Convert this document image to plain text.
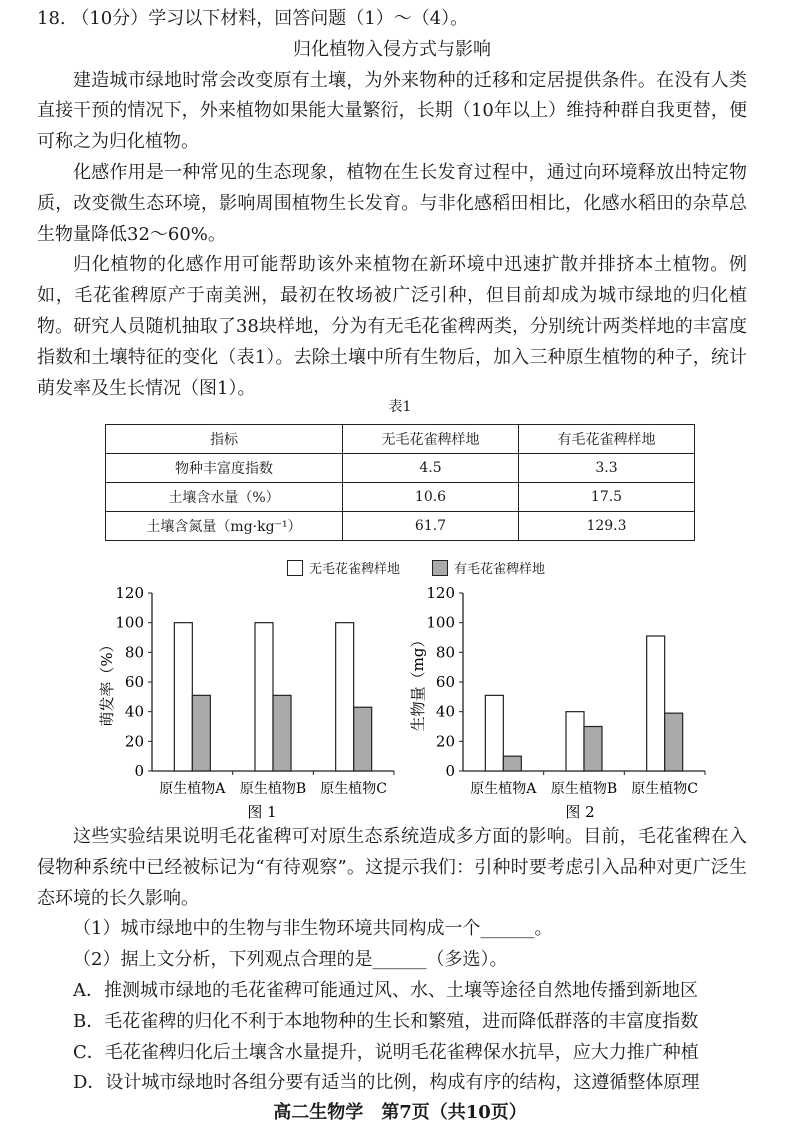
18. （10分）学习以下材料，回答问题（1）～（4）。

归化植物入侵方式与影响

建造城市绿地时常会改变原有土壤，为外来物种的迁移和定居提供条件。在没有人类直接干预的情况下，外来植物如果能大量繁衍，长期（10年以上）维持种群自我更替，便可称之为归化植物。

化感作用是一种常见的生态现象，植物在生长发育过程中，通过向环境释放出特定物质，改变微生态环境，影响周围植物生长发育。与非化感稻田相比，化感水稻田的杂草总生物量降低32～60%。

归化植物的化感作用可能帮助该外来植物在新环境中迅速扩散并排挤本土植物。例如，毛花雀稗原产于南美洲，最初在牧场被广泛引种，但目前却成为城市绿地的归化植物。研究人员随机抽取了38块样地，分为有无毛花雀稗两类，分别统计两类样地的丰富度指数和土壤特征的变化（表1）。去除土壤中所有生物后，加入三种原生植物的种子，统计萌发率及生长情况（图1）。

表1
指标	无毛花雀稗样地	有毛花雀稗样地
物种丰富度指数	4.5	3.3
土壤含水量（%）	10.6	17.5
土壤含氮量（mg·kg⁻¹）	61.7	129.3
无毛花雀稗样地	有毛花雀稗样地
0
20
40
60
80
100
120
原生植物A 原生植物B 原生植物C
萌发率（%）
图 1
0
20
40
60
80
100
120
原生植物A 原生植物B 原生植物C
生物量（mg）
图 2

这些实验结果说明毛花雀稗可对原生态系统造成多方面的影响。目前，毛花雀稗在入侵物种系统中已经被标记为“有待观察”。这提示我们：引种时要考虑引入品种对更广泛生态环境的长久影响。

（1）城市绿地中的生物与非生物环境共同构成一个______。

（2）据上文分析，下列观点合理的是______（多选）。

A．推测城市绿地的毛花雀稗可能通过风、水、土壤等途径自然地传播到新地区

B．毛花雀稗的归化不利于本地物种的生长和繁殖，进而降低群落的丰富度指数

C．毛花雀稗归化后土壤含水量提升，说明毛花雀稗保水抗旱，应大力推广种植

D．设计城市绿地时各组分要有适当的比例，构成有序的结构，这遵循整体原理

高二生物学　第7页（共10页）
